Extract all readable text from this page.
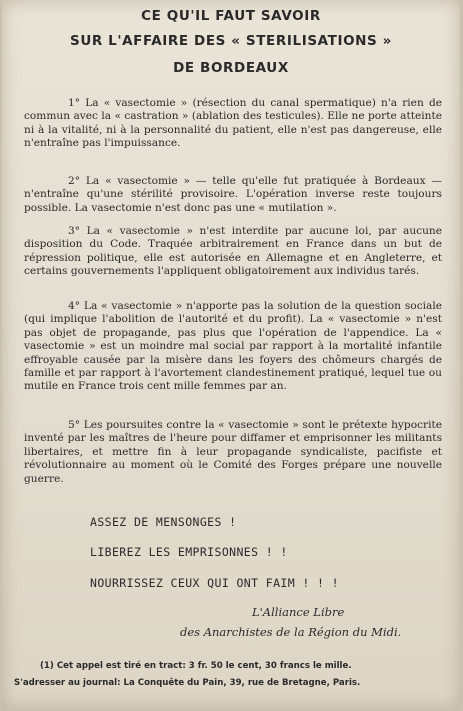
CE QU'IL FAUT SAVOIR
SUR L'AFFAIRE DES « STERILISATIONS »
DE BORDEAUX

1° La « vasectomie » (résection du canal spermatique) n'a rien de commun avec la « castration » (ablation des testicules). Elle ne porte atteinte ni à la vitalité, ni à la personnalité du patient, elle n'est pas dangereuse, elle n'entraîne pas l'impuissance.

2° La « vasectomie » — telle qu'elle fut pratiquée à Bordeaux — n'entraîne qu'une stérilité provisoire. L'opération inverse reste toujours possible. La vasectomie n'est donc pas une « mutilation ».

3° La « vasectomie » n'est interdite par aucune loi, par aucune disposition du Code. Traquée arbitrairement en France dans un but de répression politique, elle est autorisée en Allemagne et en Angleterre, et certains gouvernements l'appliquent obligatoirement aux individus tarés.

4° La « vasectomie » n'apporte pas la solution de la question sociale (qui implique l'abolition de l'autorité et du profit). La « vasectomie » n'est pas objet de propagande, pas plus que l'opération de l'appendice. La « vasectomie » est un moindre mal social par rapport à la mortalité infantile effroyable causée par la misère dans les foyers des chômeurs chargés de famille et par rapport à l'avortement clandestinement pratiqué, lequel tue ou mutile en France trois cent mille femmes par an.

5° Les poursuites contre la « vasectomie » sont le prétexte hypocrite inventé par les maîtres de l'heure pour diffamer et emprisonner les militants libertaires, et mettre fin à leur propagande syndicaliste, pacifiste et révolutionnaire au moment où le Comité des Forges prépare une nouvelle guerre.

ASSEZ DE MENSONGES !
LIBEREZ LES EMPRISONNES ! !
NOURRISSEZ CEUX QUI ONT FAIM ! ! !
L'Alliance Libre
des Anarchistes de la Région du Midi.
(1) Cet appel est tiré en tract: 3 fr. 50 le cent, 30 francs le mille.
S'adresser au journal: La Conquête du Pain, 39, rue de Bretagne, Paris.
